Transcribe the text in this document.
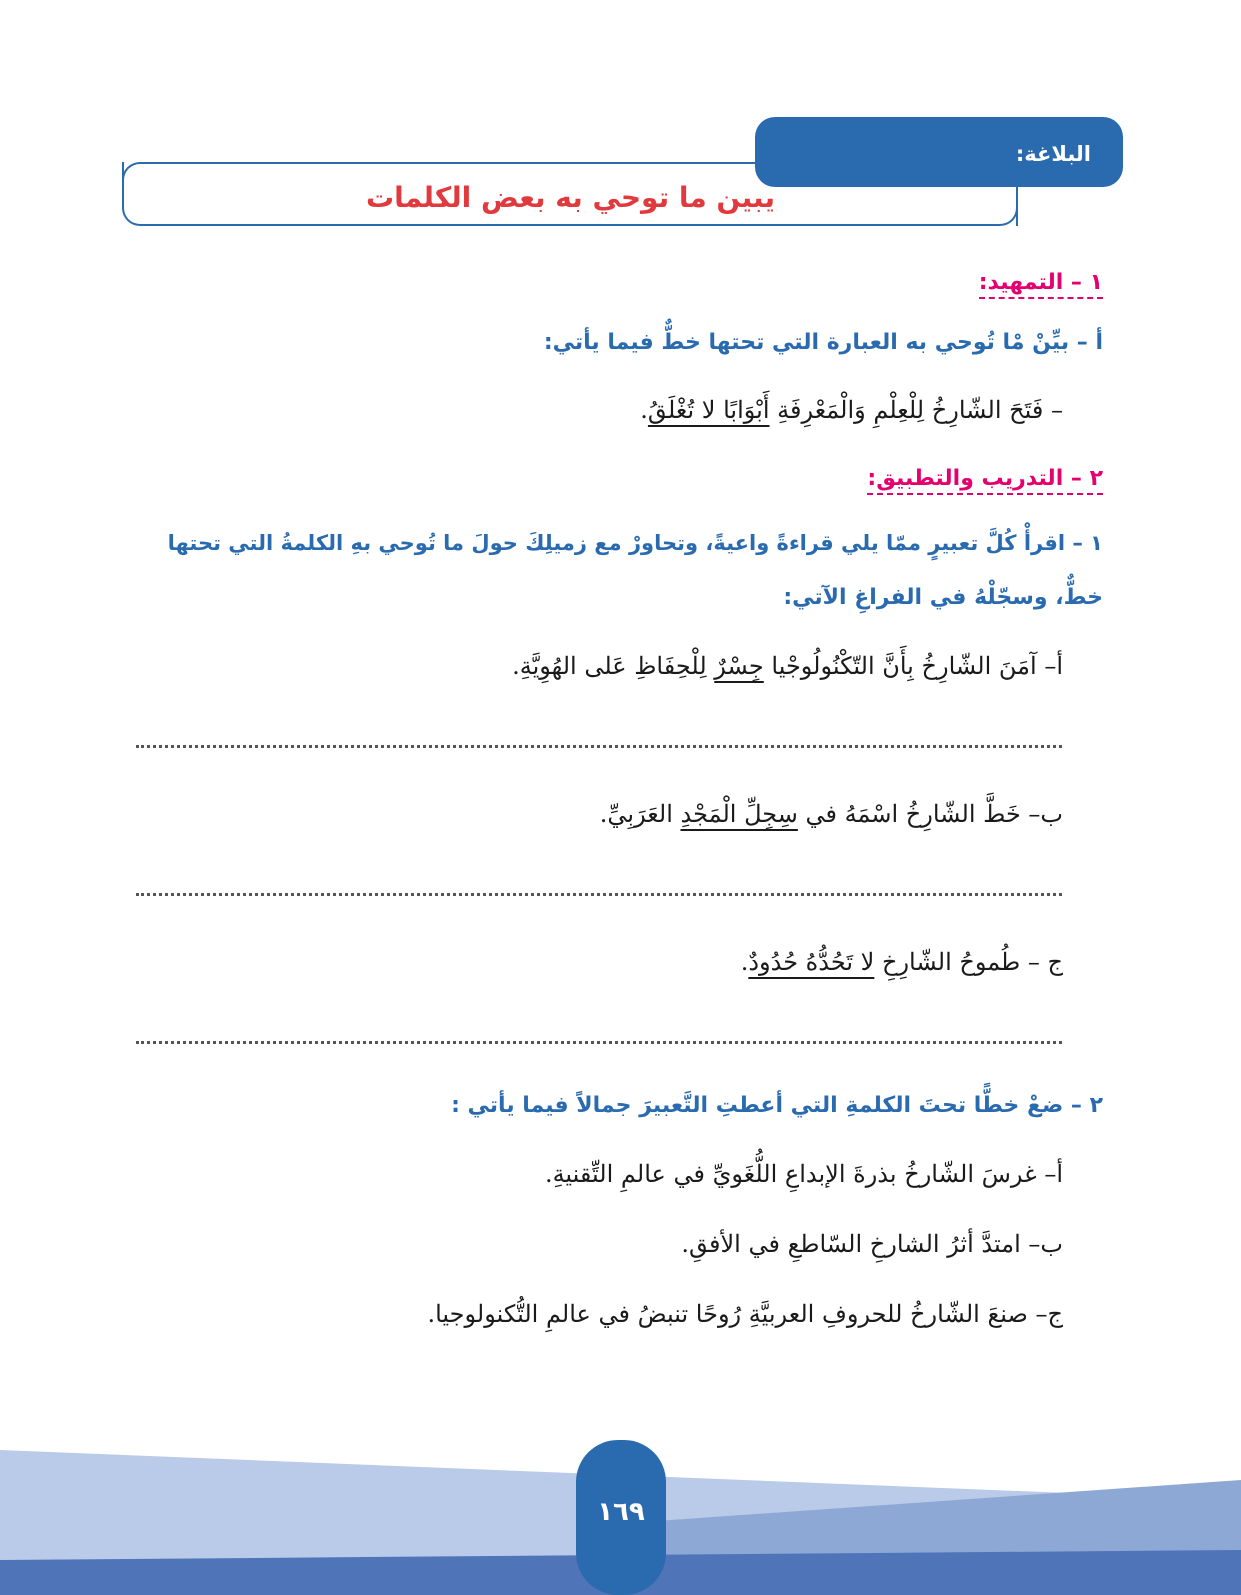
البلاغة:
يبين ما توحي به بعض الكلمات
١ – التمهيد:
أ – بيِّنْ مْا تُوحي به العبارة التي تحتها خطٌّ فيما يأتي:
– فَتَحَ الشّارِخُ لِلْعِلْمِ وَالْمَعْرِفَةِ أَبْوَابًا لا تُغْلَقُ.
٢ – التدريب والتطبيق:
١ – اقرأْ كُلَّ تعبيرٍ ممّا يلي قراءةً واعيةً، وتحاورْ مع زميلِكَ حولَ ما تُوحي بهِ الكلمةُ التي تحتها
خطٌّ، وسجّلْهُ في الفراغِ الآتي:
أ– آمَنَ الشّارِخُ بِأَنَّ التّكْنُولُوجْيا جِسْرٌ لِلْحِفَاظِ عَلى الهُوِيَّةِ.
ب– خَطَّ الشّارِخُ اسْمَهُ في سِجِلِّ الْمَجْدِ العَرَبِيِّ.
ج – طُموحُ الشّارِخِ لا تَحُدُّهُ حُدُودٌ.
٢ – ضعْ خطًّا تحتَ الكلمةِ التي أعطتِ التَّعبيرَ جمالاً فيما يأتي :
أ– غرسَ الشّارخُ بذرةَ الإبداعِ اللُّغَويِّ في عالمِ التِّقنيةِ.
ب– امتدَّ أثرُ الشارخِ السّاطعِ في الأفقِ.
ج– صنعَ الشّارخُ للحروفِ العربيَّةِ رُوحًا تنبضُ في عالمِ التُّكنولوجيا.
١٦٩
